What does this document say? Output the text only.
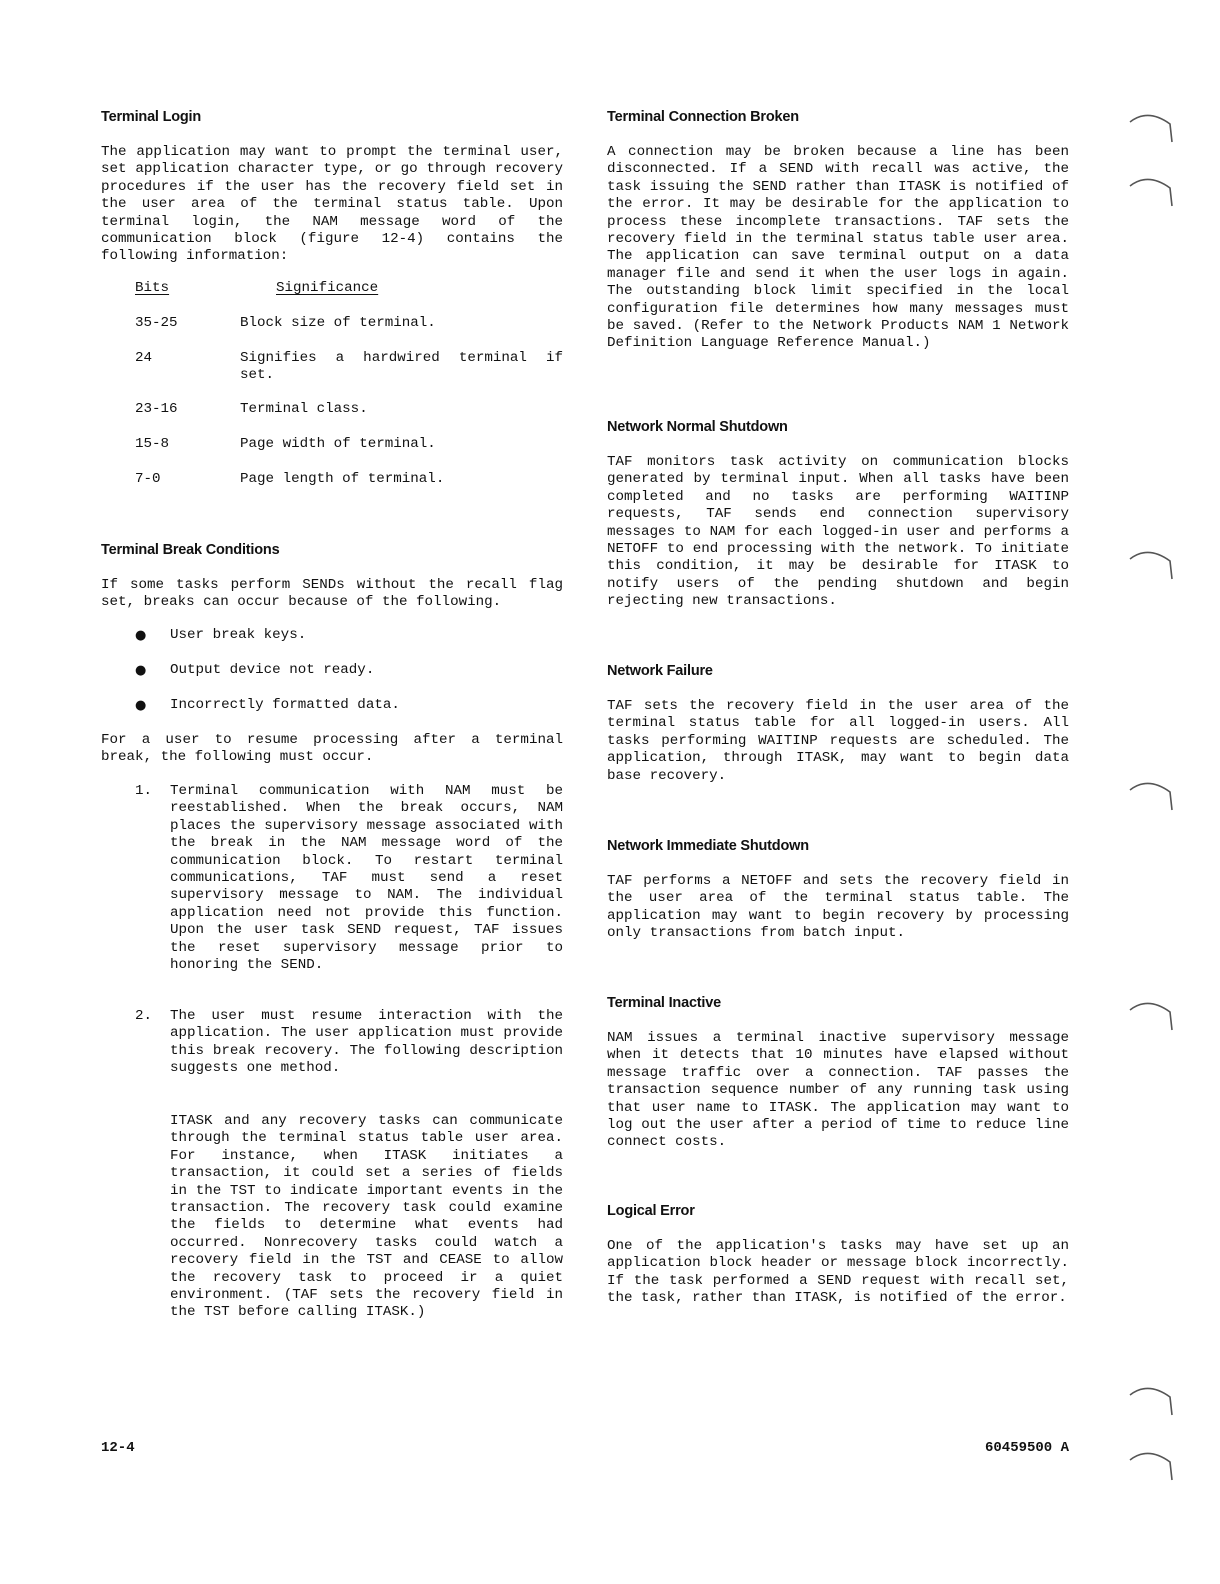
Terminal Login

The application may want to prompt the terminal user, set application character type, or go through recovery procedures if the user has the recovery field set in the user area of the terminal status table. Upon terminal login, the NAM message word of the communication block (figure 12-4) contains the following information:

Bits	Significance
35-25	Block size of terminal.
24	Signifies a hardwired terminal if set.
23-16	Terminal class.
15-8	Page width of terminal.
7-0	Page length of terminal.
Terminal Break Conditions

If some tasks perform SENDs without the recall flag set, breaks can occur because of the following.

● User break keys.
● Output device not ready.
● Incorrectly formatted data.

For a user to resume processing after a terminal break, the following must occur.

1. Terminal communication with NAM must be reestablished. When the break occurs, NAM places the supervisory message associated with the break in the NAM message word of the communication block. To restart terminal communications, TAF must send a reset supervisory message to NAM. The individual application need not provide this function. Upon the user task SEND request, TAF issues the reset supervisory message prior to honoring the SEND.

2. The user must resume interaction with the application. The user application must provide this break recovery. The following description suggests one method.

ITASK and any recovery tasks can communicate through the terminal status table user area. For instance, when ITASK initiates a transaction, it could set a series of fields in the TST to indicate important events in the transaction. The recovery task could examine the fields to determine what events had occurred. Nonrecovery tasks could watch a recovery field in the TST and CEASE to allow the recovery task to proceed ir a quiet environment. (TAF sets the recovery field in the TST before calling ITASK.)

Terminal Connection Broken

A connection may be broken because a line has been disconnected. If a SEND with recall was active, the task issuing the SEND rather than ITASK is notified of the error. It may be desirable for the application to process these incomplete transactions. TAF sets the recovery field in the terminal status table user area. The application can save terminal output on a data manager file and send it when the user logs in again. The outstanding block limit specified in the local configuration file determines how many messages must be saved. (Refer to the Network Products NAM 1 Network Definition Language Reference Manual.)

Network Normal Shutdown

TAF monitors task activity on communication blocks generated by terminal input. When all tasks have been completed and no tasks are performing WAITINP requests, TAF sends end connection supervisory messages to NAM for each logged-in user and performs a NETOFF to end processing with the network. To initiate this condition, it may be desirable for ITASK to notify users of the pending shutdown and begin rejecting new transactions.

Network Failure

TAF sets the recovery field in the user area of the terminal status table for all logged-in users. All tasks performing WAITINP requests are scheduled. The application, through ITASK, may want to begin data base recovery.

Network Immediate Shutdown

TAF performs a NETOFF and sets the recovery field in the user area of the terminal status table. The application may want to begin recovery by processing only transactions from batch input.

Terminal Inactive

NAM issues a terminal inactive supervisory message when it detects that 10 minutes have elapsed without message traffic over a connection. TAF passes the transaction sequence number of any running task using that user name to ITASK. The application may want to log out the user after a period of time to reduce line connect costs.

Logical Error

One of the application's tasks may have set up an application block header or message block incorrectly. If the task performed a SEND request with recall set, the task, rather than ITASK, is notified of the error.

12-4	60459500 A
